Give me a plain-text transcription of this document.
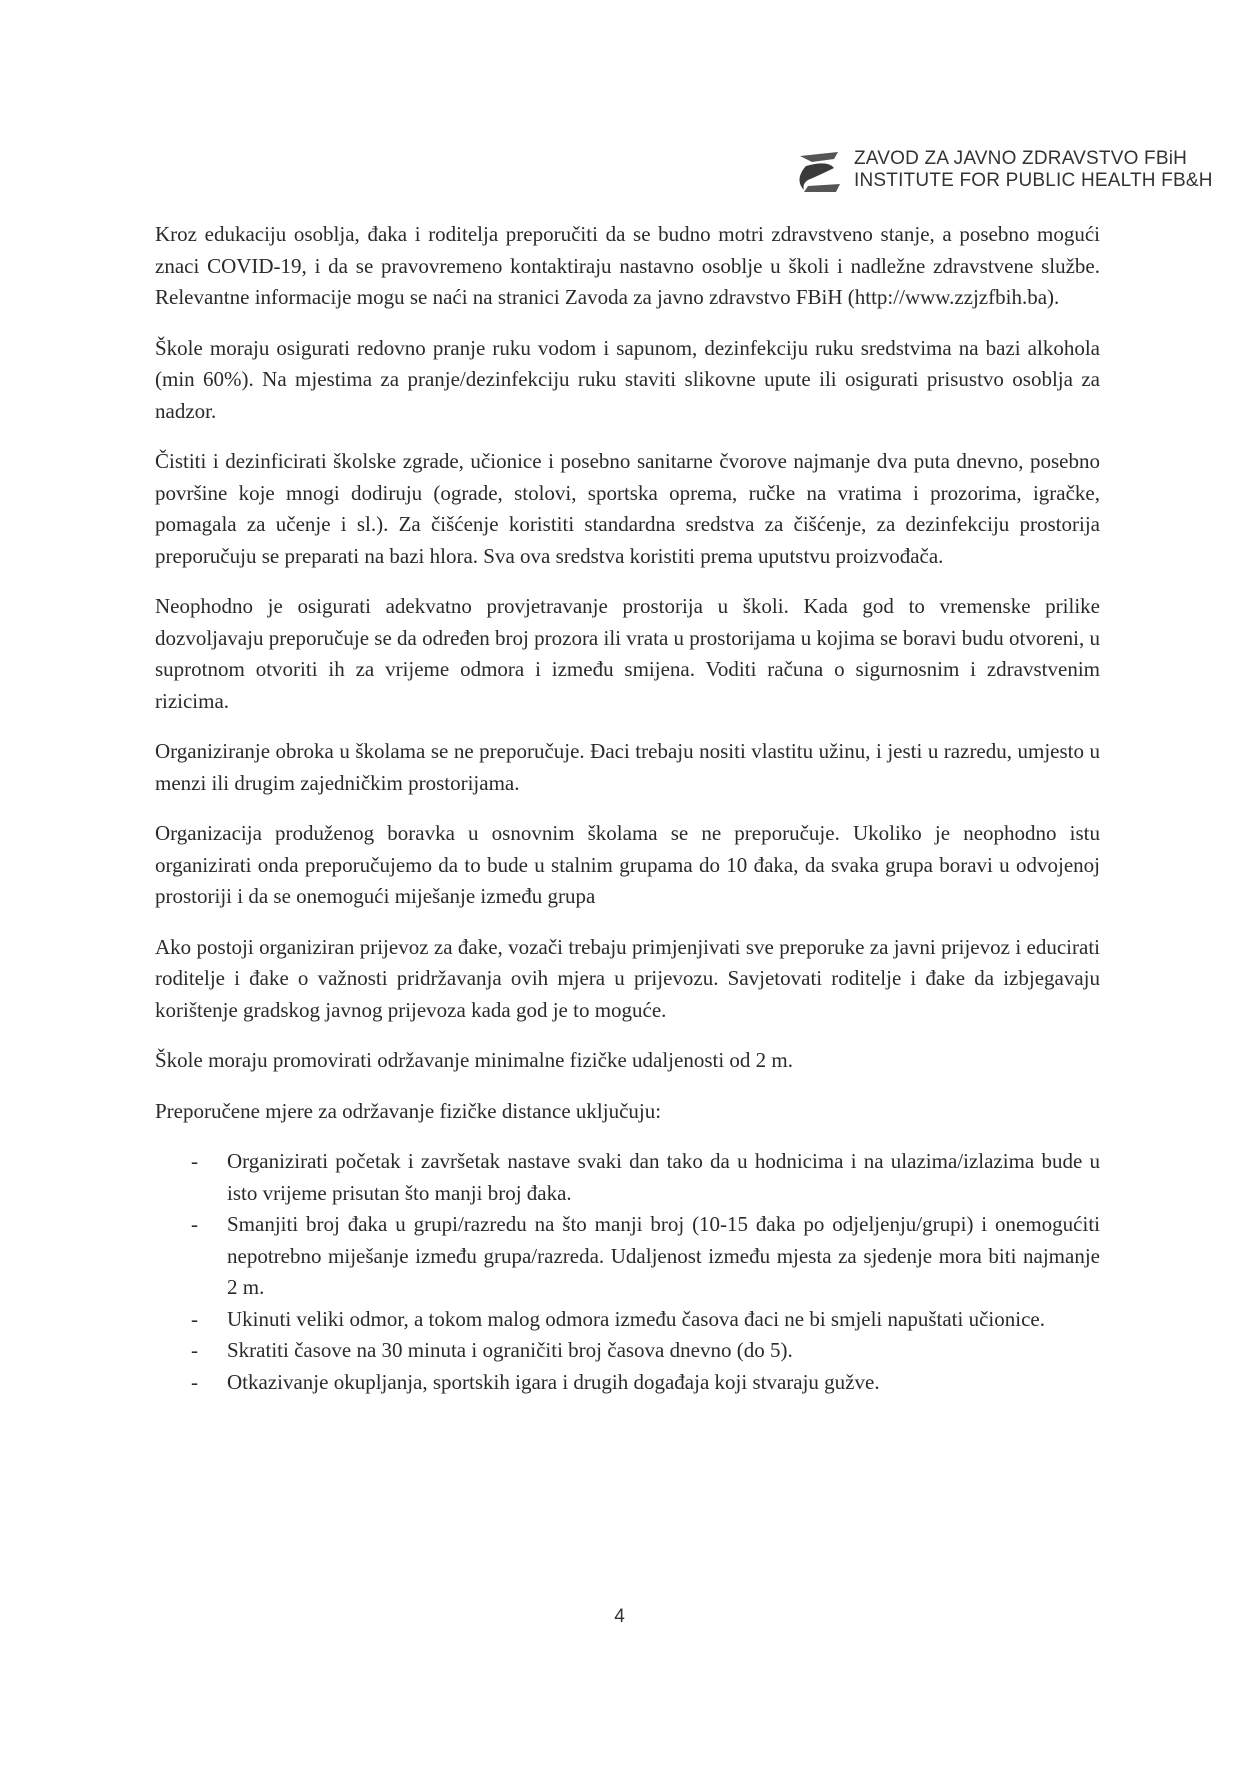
ZAVOD ZA JAVNO ZDRAVSTVO FBiH
INSTITUTE FOR PUBLIC HEALTH FB&H

Kroz edukaciju osoblja, đaka i roditelja preporučiti da se budno motri zdravstveno stanje, a posebno mogući znaci COVID-19, i da se pravovremeno kontaktiraju nastavno osoblje u školi i nadležne zdravstvene službe. Relevantne informacije mogu se naći na stranici Zavoda za javno zdravstvo FBiH (http://www.zzjzfbih.ba).

Škole moraju osigurati redovno pranje ruku vodom i sapunom, dezinfekciju ruku sredstvima na bazi alkohola (min 60%). Na mjestima za pranje/dezinfekciju ruku staviti slikovne upute ili osigurati prisustvo osoblja za nadzor.

Čistiti i dezinficirati školske zgrade, učionice i posebno sanitarne čvorove najmanje dva puta dnevno, posebno površine koje mnogi dodiruju (ograde, stolovi, sportska oprema, ručke na vratima i prozorima, igračke, pomagala za učenje i sl.). Za čišćenje koristiti standardna sredstva za čišćenje, za dezinfekciju prostorija preporučuju se preparati na bazi hlora. Sva ova sredstva koristiti prema uputstvu proizvođača.

Neophodno je osigurati adekvatno provjetravanje prostorija u školi. Kada god to vremenske prilike dozvoljavaju preporučuje se da određen broj prozora ili vrata u prostorijama u kojima se boravi budu otvoreni, u suprotnom otvoriti ih za vrijeme odmora i između smijena. Voditi računa o sigurnosnim i zdravstvenim rizicima.

Organiziranje obroka u školama se ne preporučuje. Đaci trebaju nositi vlastitu užinu, i jesti u razredu, umjesto u menzi ili drugim zajedničkim prostorijama.

Organizacija produženog boravka u osnovnim školama se ne preporučuje. Ukoliko je neophodno istu organizirati onda preporučujemo da to bude u stalnim grupama do 10 đaka, da svaka grupa boravi u odvojenoj prostoriji i da se onemogući miješanje između grupa

Ako postoji organiziran prijevoz za đake, vozači trebaju primjenjivati sve preporuke za javni prijevoz i educirati roditelje i đake o važnosti pridržavanja ovih mjera u prijevozu. Savjetovati roditelje i đake da izbjegavaju korištenje gradskog javnog prijevoza kada god je to moguće.

Škole moraju promovirati održavanje minimalne fizičke udaljenosti od 2 m.

Preporučene mjere za održavanje fizičke distance uključuju:

- Organizirati početak i završetak nastave svaki dan tako da u hodnicima i na ulazima/izlazima bude u isto vrijeme prisutan što manji broj đaka.
- Smanjiti broj đaka u grupi/razredu na što manji broj (10-15 đaka po odjeljenju/grupi) i onemogućiti nepotrebno miješanje između grupa/razreda. Udaljenost između mjesta za sjedenje mora biti najmanje 2 m.
- Ukinuti veliki odmor, a tokom malog odmora između časova đaci ne bi smjeli napuštati učionice.
- Skratiti časove na 30 minuta i ograničiti broj časova dnevno (do 5).
- Otkazivanje okupljanja, sportskih igara i drugih događaja koji stvaraju gužve.
4
